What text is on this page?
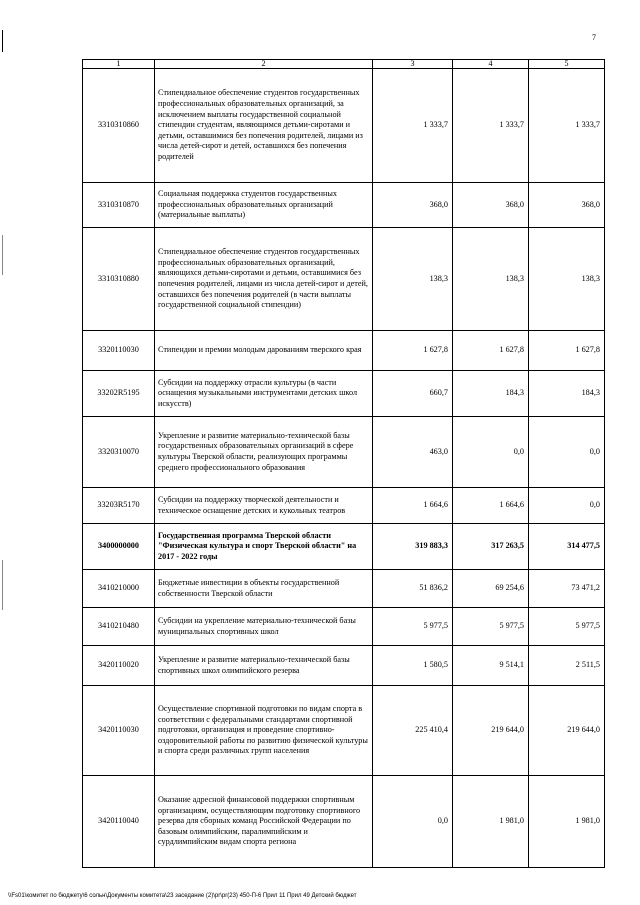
7
1	2	3	4	5
3310310860	Стипендиальное обеспечение студентов государственных профессиональных образовательных организаций, за исключением выплаты государственной социальной стипендии студентам, являющимся детьми-сиротами и детьми, оставшимися без попечения родителей, лицами из числа детей-сирот и детей, оставшихся без попечения родителей	1 333,7	1 333,7	1 333,7
3310310870	Социальная поддержка студентов государственных профессиональных образовательных организаций (материальные выплаты)	368,0	368,0	368,0
3310310880	Стипендиальное обеспечение студентов государственных профессиональных образовательных организаций, являющихся детьми-сиротами и детьми, оставшимися без попечения родителей, лицами из числа детей-сирот и детей, оставшихся без попечения родителей (в части выплаты государственной социальной стипендии)	138,3	138,3	138,3
3320110030	Стипендии и премии молодым дарованиям тверского края	1 627,8	1 627,8	1 627,8
33202R5195	Субсидии на поддержку отрасли культуры (в части оснащения музыкальными инструментами детских школ искусств)	660,7	184,3	184,3
3320310070	Укрепление и развитие материально-технической базы государственных образовательных организаций в сфере культуры Тверской области, реализующих программы среднего профессионального образования	463,0	0,0	0,0
33203R5170	Субсидии на поддержку творческой деятельности и техническое оснащение детских и кукольных театров	1 664,6	1 664,6	0,0
3400000000	Государственная программа Тверской области "Физическая культура и спорт Тверской области" на 2017 - 2022 годы	319 883,3	317 263,5	314 477,5
3410210000	Бюджетные инвестиции в объекты государственной собственности Тверской области	51 836,2	69 254,6	73 471,2
3410210480	Субсидии на укрепление материально-технической базы муниципальных спортивных школ	5 977,5	5 977,5	5 977,5
3420110020	Укрепление и развитие материально-технической базы спортивных школ олимпийского резерва	1 580,5	9 514,1	2 511,5
3420110030	Осуществление спортивной подготовки по видам спорта в соответствии с федеральными стандартами спортивной подготовки, организация и проведение спортивно-оздоровительной работы по развитию физической культуры и спорта среди различных групп населения	225 410,4	219 644,0	219 644,0
3420110040	Оказание адресной финансовой поддержки спортивным организациям, осуществляющим подготовку спортивного резерва для сборных команд Российской Федерации по базовым олимпийским, паралимпийским и сурдлимпийским видам спорта региона	0,0	1 981,0	1 981,0
\\Fs01\комитет по бюджету\6 сольн\Документы комитета\23 заседание (2)\pr\pr(23) 450-П-6 Прил 11 Прил 49 Детский бюджет
